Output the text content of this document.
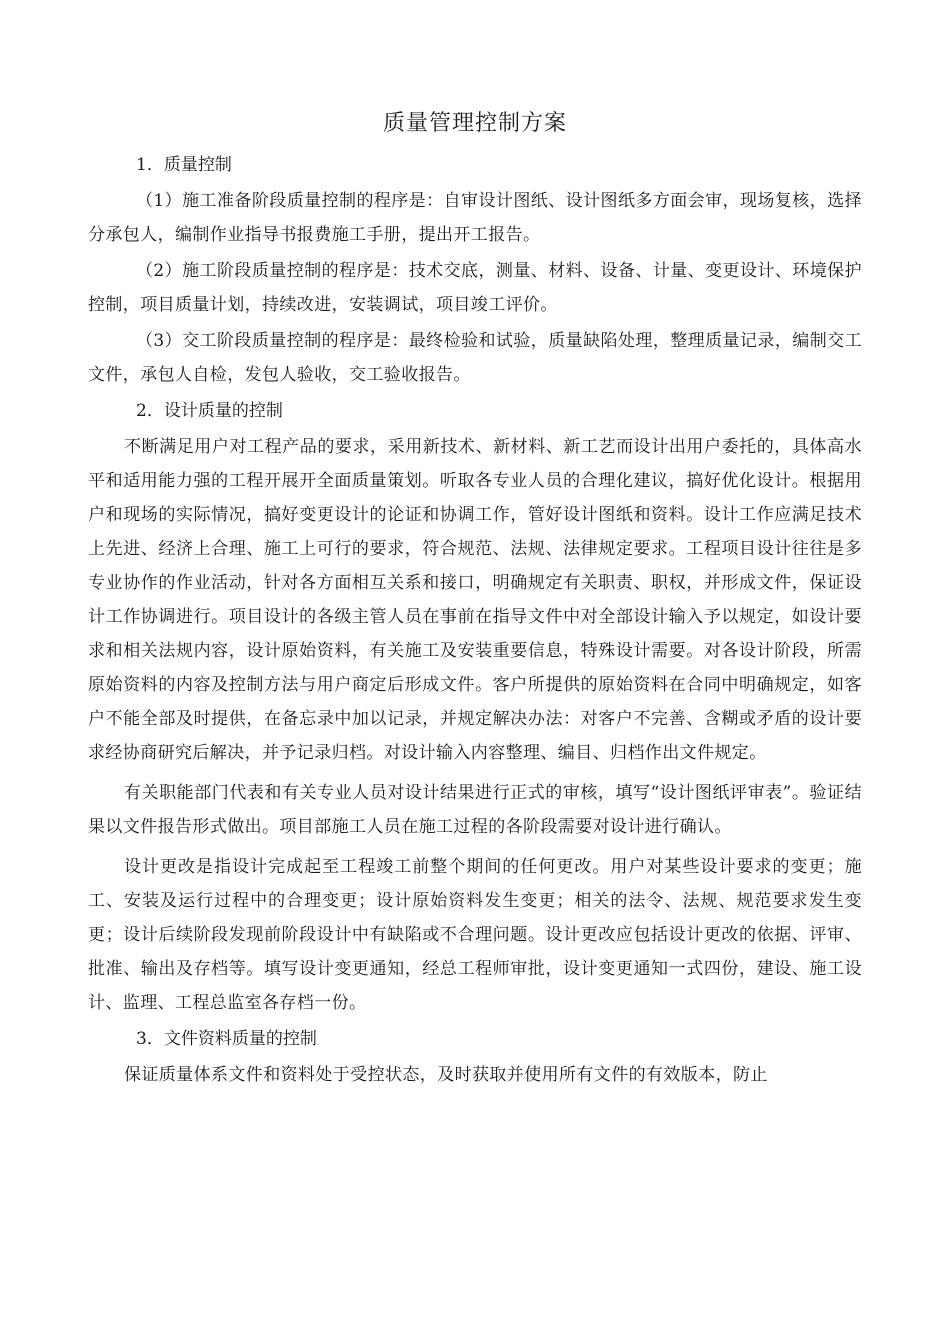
质量管理控制方案

1．质量控制

（1）施工准备阶段质量控制的程序是：自审设计图纸、设计图纸多方面会审，现场复核，选择分承包人，编制作业指导书报费施工手册，提出开工报告。

（2）施工阶段质量控制的程序是：技术交底，测量、材料、设备、计量、变更设计、环境保护控制，项目质量计划，持续改进，安装调试，项目竣工评价。

（3）交工阶段质量控制的程序是：最终检验和试验，质量缺陷处理，整理质量记录，编制交工文件，承包人自检，发包人验收，交工验收报告。

2．设计质量的控制

不断满足用户对工程产品的要求，采用新技术、新材料、新工艺而设计出用户委托的，具体高水平和适用能力强的工程开展开全面质量策划。听取各专业人员的合理化建议，搞好优化设计。根据用户和现场的实际情况，搞好变更设计的论证和协调工作，管好设计图纸和资料。设计工作应满足技术上先进、经济上合理、施工上可行的要求，符合规范、法规、法律规定要求。工程项目设计往往是多专业协作的作业活动，针对各方面相互关系和接口，明确规定有关职责、职权，并形成文件，保证设计工作协调进行。项目设计的各级主管人员在事前在指导文件中对全部设计输入予以规定，如设计要求和相关法规内容，设计原始资料，有关施工及安装重要信息，特殊设计需要。对各设计阶段，所需原始资料的内容及控制方法与用户商定后形成文件。客户所提供的原始资料在合同中明确规定，如客户不能全部及时提供，在备忘录中加以记录，并规定解决办法：对客户不完善、含糊或矛盾的设计要求经协商研究后解决，并予记录归档。对设计输入内容整理、编目、归档作出文件规定。

有关职能部门代表和有关专业人员对设计结果进行正式的审核，填写“设计图纸评审表”。验证结果以文件报告形式做出。项目部施工人员在施工过程的各阶段需要对设计进行确认。

设计更改是指设计完成起至工程竣工前整个期间的任何更改。用户对某些设计要求的变更；施工、安装及运行过程中的合理变更；设计原始资料发生变更；相关的法令、法规、规范要求发生变更；设计后续阶段发现前阶段设计中有缺陷或不合理问题。设计更改应包括设计更改的依据、评审、批准、输出及存档等。填写设计变更通知，经总工程师审批，设计变更通知一式四份，建设、施工设计、监理、工程总监室各存档一份。

3．文件资料质量的控制

保证质量体系文件和资料处于受控状态，及时获取并使用所有文件的有效版本，防止
